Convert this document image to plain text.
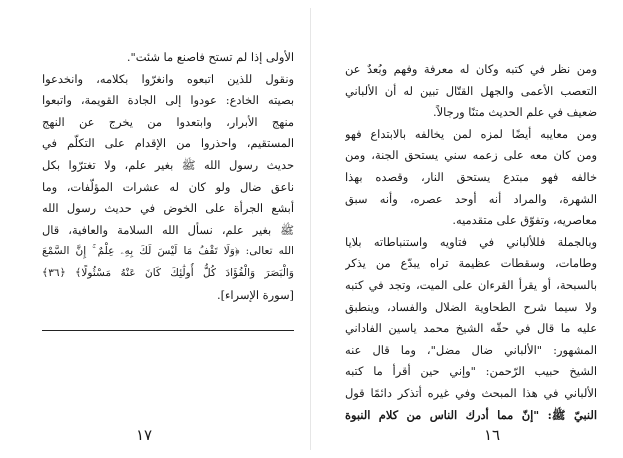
الأولى إذا لم تستح فاصنع ما شئت".
ونقول للذين اتبعوه وانغرّوا بكلامه، وانخدعوا
بصيته الخادع: عودوا إلى الجادة القويمة، واتبعوا
منهج الأبرار، وابتعدوا من يخرج عن النهج
المستقيم، واحذروا من الإقدام على التكلّم في
حديث رسول الله ﷺ بغير علم، ولا تغترّوا بكل
ناعق ضال ولو كان له عشرات المؤلّفات، وما
أبشع الجرأة على الخوض في حديث رسول الله
ﷺ بغير علم، نسأل الله السلامة والعافية، قال
الله تعالى: ﴿وَلَا تَقْفُ مَا لَيْسَ لَكَ بِهِۦ عِلْمٌ ۚ إِنَّ السَّمْعَ
وَالْبَصَرَ وَالْفُؤَادَ كُلُّ أُولَٰئِكَ كَانَ عَنْهُ مَسْئُولًا﴾ ﴿٣٦﴾
[سورة الإسراء].
١٧
ومن نظر في كتبه وكان له معرفة وفهم وبُعدٌ عن
التعصب الأعمى والجهل القتّال تبين له أن الألباني
ضعيف في علم الحديث متنًا ورجالاً.
ومن معايبه أيضًا لمزه لمن يخالفه بالابتداع فهو
ومن كان معه على زعمه سني يستحق الجنة، ومن
خالفه فهو مبتدع يستحق النار، وقصده بهذا
الشهرة، والمراد أنه أوحد عصره، وأنه سبق
معاصريه، وتفوّق على متقدميه.
وبالجملة فللألباني في فتاويه واستنباطاته بلايا
وطامات، وسقطات عظيمة تراه يبدّع من يذكر
بالسبحة، أو يقرأ القرءان على الميت، وتجد في كتبه
ولا سيما شرح الطحاوية الضلال والفساد، وينطبق
عليه ما قال في حقّه الشيخ محمد ياسين الفاداني
المشهور: "الألباني ضال مضل"، وما قال عنه
الشيخ حبيب الرّحمن: "وإني حين أقرأ ما كتبه
الألباني في هذا المبحث وفي غيره أتذكر دائمًا قول
النبيّ ﷺ: "إنّ مما أدرك الناس من كلام النبوة
١٦
